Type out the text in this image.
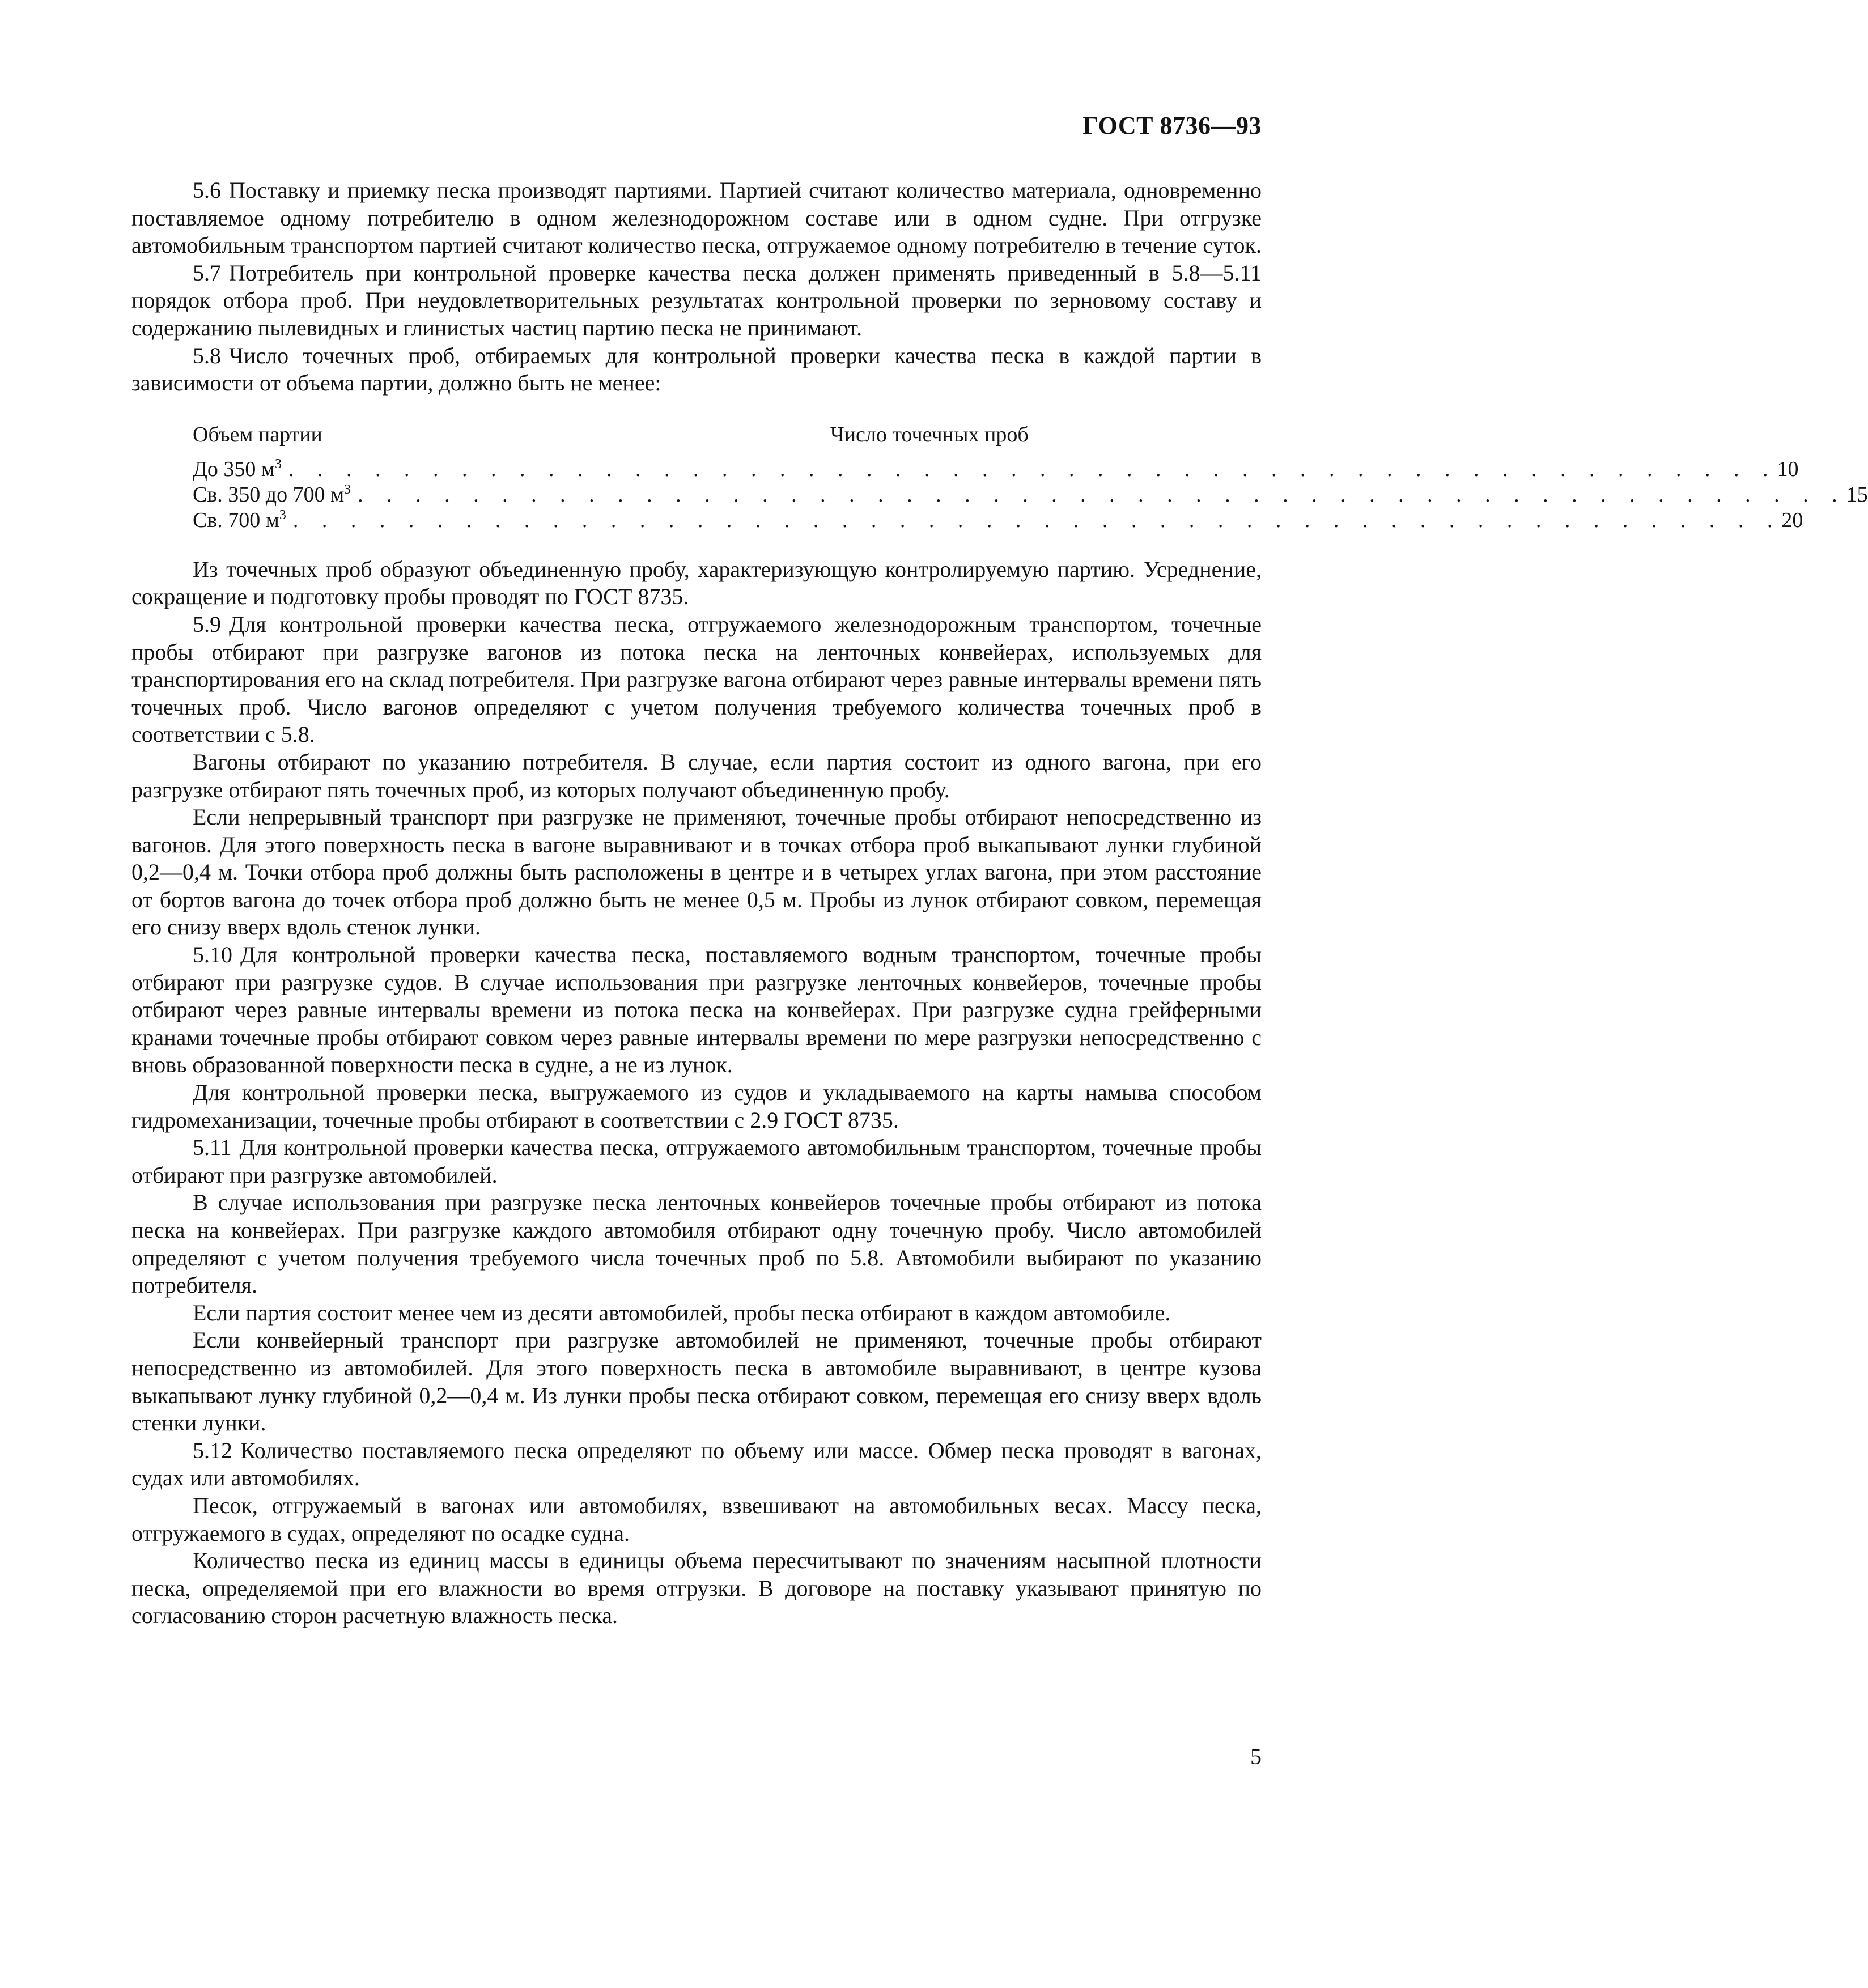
ГОСТ 8736—93

5.6 Поставку и приемку песка производят партиями. Партией считают количество материала, одновременно поставляемое одному потребителю в одном железнодорожном составе или в одном судне. При отгрузке автомобильным транспортом партией считают количество песка, отгружаемое одному потребителю в течение суток.

5.7 Потребитель при контрольной проверке качества песка должен применять приведенный в 5.8—5.11 порядок отбора проб. При неудовлетворительных результатах контрольной проверки по зерновому составу и содержанию пылевидных и глинистых частиц партию песка не принимают.

5.8 Число точечных проб, отбираемых для контрольной проверки качества песка в каждой партии в зависимости от объема партии, должно быть не менее:

Объем партии	Число точечных проб
До 350 $м^3$ . . . . . . . . . . . . . . . . . . . . . . . . . . . . . . . . . . . . . . . . . . . . . . . . . . . . 10
Св. 350 до 700 $м^3$ . . . . . . . . . . . . . . . . . . . . . . . . . . . . . . . . . . . . . . . . . . . . . . . . . . . . 15
Св. 700 $м^3$ . . . . . . . . . . . . . . . . . . . . . . . . . . . . . . . . . . . . . . . . . . . . . . . . . . . . 20

Из точечных проб образуют объединенную пробу, характеризующую контролируемую партию. Усреднение, сокращение и подготовку пробы проводят по ГОСТ 8735.

5.9 Для контрольной проверки качества песка, отгружаемого железнодорожным транспортом, точечные пробы отбирают при разгрузке вагонов из потока песка на ленточных конвейерах, используемых для транспортирования его на склад потребителя. При разгрузке вагона отбирают через равные интервалы времени пять точечных проб. Число вагонов определяют с учетом получения требуемого количества точечных проб в соответствии с 5.8.

Вагоны отбирают по указанию потребителя. В случае, если партия состоит из одного вагона, при его разгрузке отбирают пять точечных проб, из которых получают объединенную пробу.

Если непрерывный транспорт при разгрузке не применяют, точечные пробы отбирают непосредственно из вагонов. Для этого поверхность песка в вагоне выравнивают и в точках отбора проб выкапывают лунки глубиной 0,2—0,4 м. Точки отбора проб должны быть расположены в центре и в четырех углах вагона, при этом расстояние от бортов вагона до точек отбора проб должно быть не менее 0,5 м. Пробы из лунок отбирают совком, перемещая его снизу вверх вдоль стенок лунки.

5.10 Для контрольной проверки качества песка, поставляемого водным транспортом, точечные пробы отбирают при разгрузке судов. В случае использования при разгрузке ленточных конвейеров, точечные пробы отбирают через равные интервалы времени из потока песка на конвейерах. При разгрузке судна грейферными кранами точечные пробы отбирают совком через равные интервалы времени по мере разгрузки непосредственно с вновь образованной поверхности песка в судне, а не из лунок.

Для контрольной проверки песка, выгружаемого из судов и укладываемого на карты намыва способом гидромеханизации, точечные пробы отбирают в соответствии с 2.9 ГОСТ 8735.

5.11 Для контрольной проверки качества песка, отгружаемого автомобильным транспортом, точечные пробы отбирают при разгрузке автомобилей.

В случае использования при разгрузке песка ленточных конвейеров точечные пробы отбирают из потока песка на конвейерах. При разгрузке каждого автомобиля отбирают одну точечную пробу. Число автомобилей определяют с учетом получения требуемого числа точечных проб по 5.8. Автомобили выбирают по указанию потребителя.

Если партия состоит менее чем из десяти автомобилей, пробы песка отбирают в каждом автомобиле.

Если конвейерный транспорт при разгрузке автомобилей не применяют, точечные пробы отбирают непосредственно из автомобилей. Для этого поверхность песка в автомобиле выравнивают, в центре кузова выкапывают лунку глубиной 0,2—0,4 м. Из лунки пробы песка отбирают совком, перемещая его снизу вверх вдоль стенки лунки.

5.12 Количество поставляемого песка определяют по объему или массе. Обмер песка проводят в вагонах, судах или автомобилях.

Песок, отгружаемый в вагонах или автомобилях, взвешивают на автомобильных весах. Массу песка, отгружаемого в судах, определяют по осадке судна.

Количество песка из единиц массы в единицы объема пересчитывают по значениям насыпной плотности песка, определяемой при его влажности во время отгрузки. В договоре на поставку указывают принятую по согласованию сторон расчетную влажность песка.

5
